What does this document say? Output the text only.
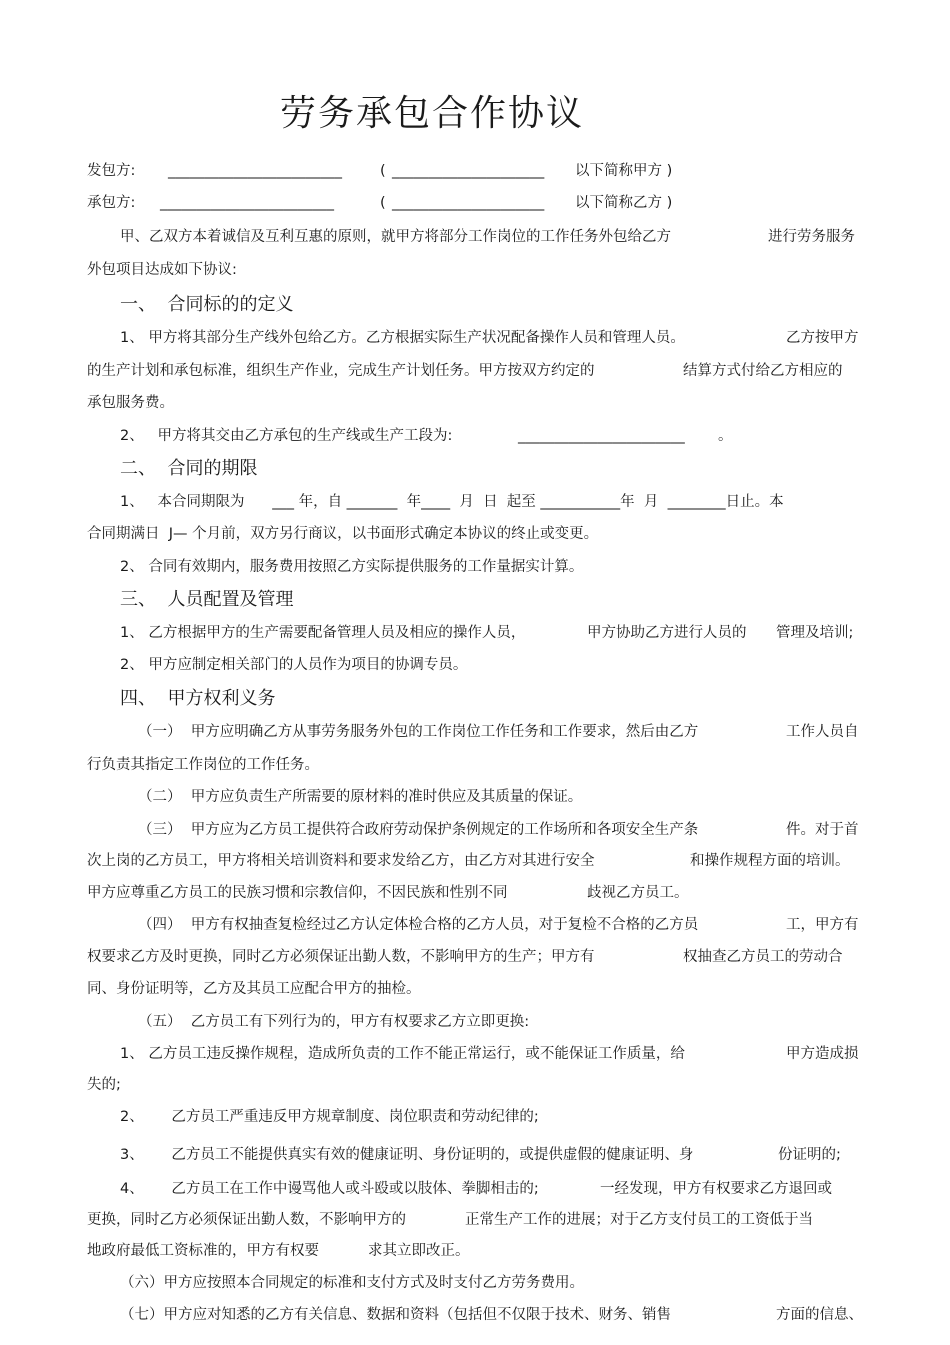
劳务承包合作协议
发包方: ________________________	( _____________________ 以下简称甲方 )
承包方: ________________________	( _____________________ 以下简称乙方 )
甲、乙双方本着诚信及互利互惠的原则，就甲方将部分工作岗位的工作任务外包给乙方	进行劳务服务
外包项目达成如下协议:
一、  合同标的的定义
1、 甲方将其部分生产线外包给乙方。乙方根据实际生产状况配备操作人员和管理人员。	乙方按甲方
的生产计划和承包标准，组织生产作业，完成生产计划任务。甲方按双方约定的	结算方式付给乙方相应的
承包服务费。
2、   甲方将其交由乙方承包的生产线或生产工段为:	_______________________ 。
二、  合同的期限
1、   本合同期限为      ___ 年，自 _______  年____  月  日  起至 ___________年  月  ________日止。本
合同期满日  J— 个月前，双方另行商议，以书面形式确定本协议的终止或变更。
2、 合同有效期内，服务费用按照乙方实际提供服务的工作量据实计算。
三、  人员配置及管理
1、 乙方根据甲方的生产需要配备管理人员及相应的操作人员，	甲方协助乙方进行人员的 管理及培训;
2、 甲方应制定相关部门的人员作为项目的协调专员。
四、  甲方权利义务
（一）  甲方应明确乙方从事劳务服务外包的工作岗位工作任务和工作要求，然后由乙方	工作人员自
行负责其指定工作岗位的工作任务。
（二）  甲方应负责生产所需要的原材料的准时供应及其质量的保证。
（三）  甲方应为乙方员工提供符合政府劳动保护条例规定的工作场所和各项安全生产条	件。对于首
次上岗的乙方员工，甲方将相关培训资料和要求发给乙方，由乙方对其进行安全	和操作规程方面的培训。
甲方应尊重乙方员工的民族习惯和宗教信仰，不因民族和性别不同	歧视乙方员工。
（四）  甲方有权抽查复检经过乙方认定体检合格的乙方人员，对于复检不合格的乙方员	工，甲方有
权要求乙方及时更换，同时乙方必须保证出勤人数，不影响甲方的生产；甲方有	权抽查乙方员工的劳动合
同、身份证明等，乙方及其员工应配合甲方的抽检。
（五）  乙方员工有下列行为的，甲方有权要求乙方立即更换:
1、 乙方员工违反操作规程，造成所负责的工作不能正常运行，或不能保证工作质量，给	甲方造成损
失的;
2、      乙方员工严重违反甲方规章制度、岗位职责和劳动纪律的;
3、      乙方员工不能提供真实有效的健康证明、身份证明的，或提供虚假的健康证明、身	份证明的;
4、      乙方员工在工作中谩骂他人或斗殴或以肢体、拳脚相击的;	一经发现，甲方有权要求乙方退回或
更换，同时乙方必须保证出勤人数，不影响甲方的	正常生产工作的进展；对于乙方支付员工的工资低于当
地政府最低工资标准的，甲方有权要	求其立即改正。
（六）甲方应按照本合同规定的标准和支付方式及时支付乙方劳务费用。
（七）甲方应对知悉的乙方有关信息、数据和资料（包括但不仅限于技术、财务、销售	方面的信息、
